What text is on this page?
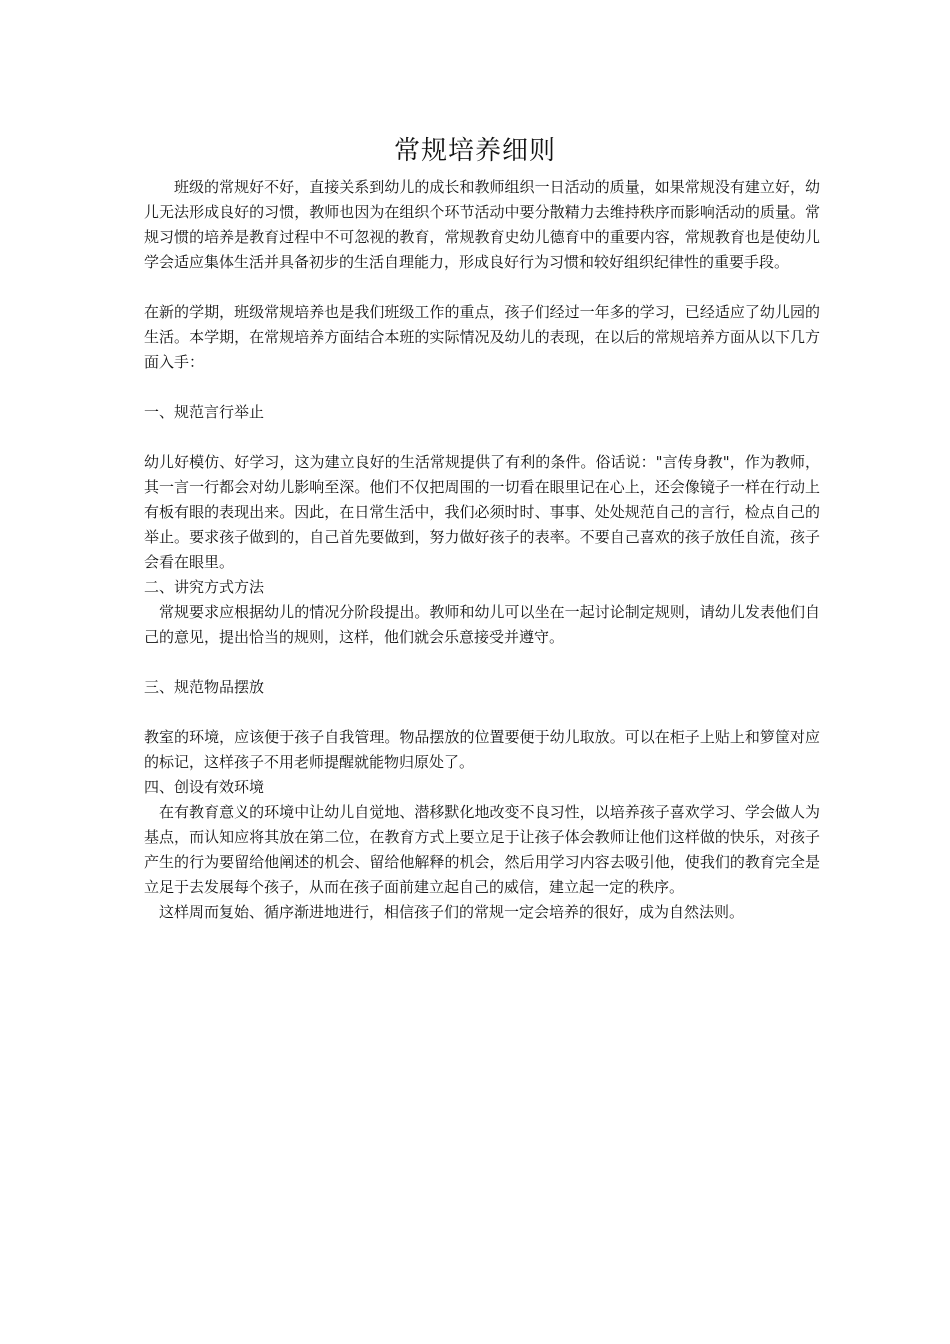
常规培养细则

班级的常规好不好，直接关系到幼儿的成长和教师组织一日活动的质量，如果常规没有建立好，幼儿无法形成良好的习惯，教师也因为在组织个环节活动中要分散精力去维持秩序而影响活动的质量。常规习惯的培养是教育过程中不可忽视的教育，常规教育史幼儿德育中的重要内容，常规教育也是使幼儿学会适应集体生活并具备初步的生活自理能力，形成良好行为习惯和较好组织纪律性的重要手段。

在新的学期，班级常规培养也是我们班级工作的重点，孩子们经过一年多的学习，已经适应了幼儿园的生活。本学期，在常规培养方面结合本班的实际情况及幼儿的表现，在以后的常规培养方面从以下几方面入手：

一、规范言行举止

幼儿好模仿、好学习，这为建立良好的生活常规提供了有利的条件。俗话说："言传身教"，作为教师，其一言一行都会对幼儿影响至深。他们不仅把周围的一切看在眼里记在心上，还会像镜子一样在行动上有板有眼的表现出来。因此，在日常生活中，我们必须时时、事事、处处规范自己的言行，检点自己的举止。要求孩子做到的，自己首先要做到，努力做好孩子的表率。不要自己喜欢的孩子放任自流，孩子会看在眼里。

二、讲究方式方法

常规要求应根据幼儿的情况分阶段提出。教师和幼儿可以坐在一起讨论制定规则，请幼儿发表他们自己的意见，提出恰当的规则，这样，他们就会乐意接受并遵守。

三、规范物品摆放

教室的环境，应该便于孩子自我管理。物品摆放的位置要便于幼儿取放。可以在柜子上贴上和箩筐对应的标记，这样孩子不用老师提醒就能物归原处了。

四、创设有效环境

在有教育意义的环境中让幼儿自觉地、潜移默化地改变不良习性，以培养孩子喜欢学习、学会做人为基点，而认知应将其放在第二位，在教育方式上要立足于让孩子体会教师让他们这样做的快乐，对孩子产生的行为要留给他阐述的机会、留给他解释的机会，然后用学习内容去吸引他，使我们的教育完全是立足于去发展每个孩子，从而在孩子面前建立起自己的威信，建立起一定的秩序。

这样周而复始、循序渐进地进行，相信孩子们的常规一定会培养的很好，成为自然法则。
